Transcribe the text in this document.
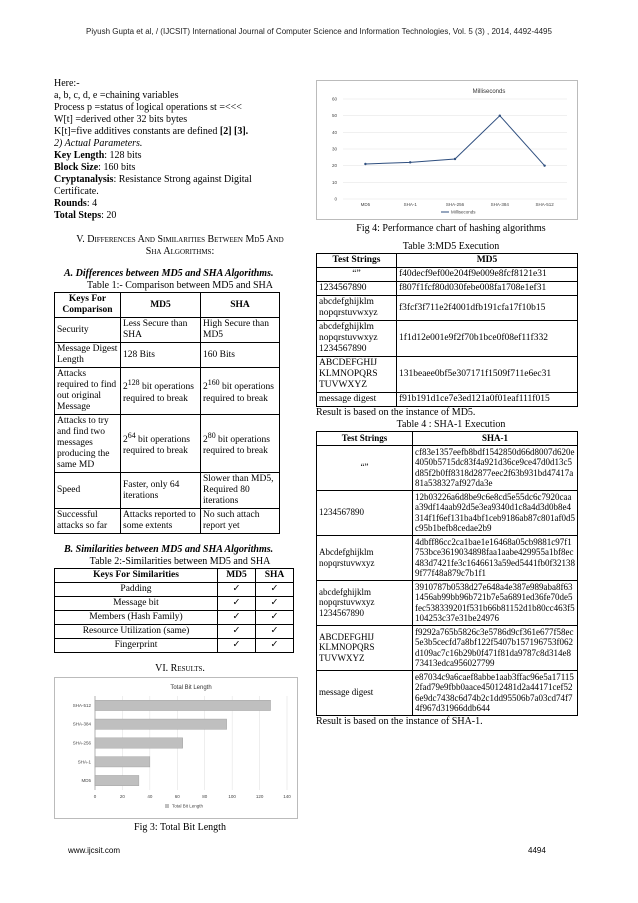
Piyush Gupta et al, / (IJCSIT) International Journal of Computer Science and Information Technologies, Vol. 5 (3) , 2014, 4492-4495
Here:-
a, b, c, d, e =chaining variables
Process p =status of logical operations st =<<<
W[t] =derived other 32 bits bytes
K[t]=five additives constants are defined [2] [3].
2) Actual Parameters.
Key Length: 128 bits
Block Size: 160 bits
Cryptanalysis: Resistance Strong against Digital Certificate.
Rounds: 4
Total Steps: 20
V. Differences And Similarities Between Md5 And
Sha Algorithms:
A. Differences between MD5 and SHA Algorithms.
Table 1:- Comparison between MD5 and SHA
Keys For Comparison	MD5	SHA
Security	Less Secure than SHA	High Secure than MD5
Message Digest Length	128 Bits	160 Bits
Attacks required to find out original Message	$2^{128}$ bit operations required to break	$2^{160}$ bit operations required to break
Attacks to try and find two messages producing the same MD	$2^{64}$ bit operations required to break	$2^{80}$ bit operations required to break
Speed	Faster, only 64 iterations	Slower than MD5, Required 80 iterations
Successful attacks so far	Attacks reported to some extents	No such attach report yet
B. Similarities between MD5 and SHA Algorithms.
Table 2:-Similarities between MD5 and SHA
Keys For Similarities	MD5	SHA
Padding	✓	✓
Message bit	✓	✓
Members (Hash Family)	✓	✓
Resource Utilization (same)	✓	✓
Fingerprint	✓	✓
VI. Results.
Total Bit Length
0	20	40	60	80	100	120	140
MD5
SHA-1
SHA-256
SHA-384
SHA-512
Total Bit Length
Fig 3: Total Bit Length
Milliseconds
0
10
20
30
40
50
60
MD5	SHA-1	SHA-256	SHA-384	SHA-512
Milliseconds
Fig 4: Performance chart of hashing algorithms
Table 3:MD5 Execution
Test Strings	MD5
“”	f40decf9ef00e204f9e009e8fcf8121e31
1234567890	f807f1fcf80d030febe008fa1708e1ef31
abcdefghijklm nopqrstuvwxyz	f3fcf3f711e2f4001dfb191cfa17f10b15
abcdefghijklm nopqrstuvwxyz 1234567890	1f1d12e001e9f2f70b1bce0f08ef11f332
ABCDEFGHIJ KLMNOPQRS TUVWXYZ	131beaee0bf5e307171f1509f711e6ec31
message digest	f91b191d1ce7e3ed121a0f01eaf111f015
Result is based on the instance of MD5.
Table 4 : SHA-1 Execution
Test Strings	SHA-1
“”	cf83e1357eefb8bdf1542850d66d8007d620e4050b5715dc83f4a921d36ce9ce47d0d13c5d85f2b0ff8318d2877eec2f63b931bd47417a81a538327af927da3e
1234567890	12b03226a6d8be9c6e8cd5e55dc6c7920caaa39df14aab92d5e3ea9340d1c8a4d3d0b8e4314f1f6ef131ba4bf1ceb9186ab87c801af0d5c95b1befb8cedae2b9
Abcdefghijklm nopqrstuvwxyz	4dbff86cc2ca1bae1e16468a05cb9881c97f1753bce3619034898faa1aabe429955a1bf8ec483d7421fe3c1646613a59ed5441fb0f321389f77f48a879c7b1f1
abcdefghijklm nopqrstuvwxyz 1234567890	3910787b0538d27e648a4e387e989aba8f631456ab99bb96b721b7e5a6891ed36fe70de5fec538339201f531b66b81152d1b80cc463f5104253c37e31be24976
ABCDEFGHIJ KLMNOPQRS TUVWXYZ	f9292a765b5826c3e5786d9cf361e677f58ec5e3b5cecfd7a8bf122f5407b157196753f062d109ac7c16b29b0f471f81da9787c8d314e873413edca956027799
message digest	e87034c9a6caef8abbe1aab3ffac96e5a171152fad79e9fbb0aace45012481d2a44171cef526e9dc7438c6d74b2c1dd95506b7a03cd74f74f967d31966ddb644
Result is based on the instance of SHA-1.
www.ijcsit.com	4494
